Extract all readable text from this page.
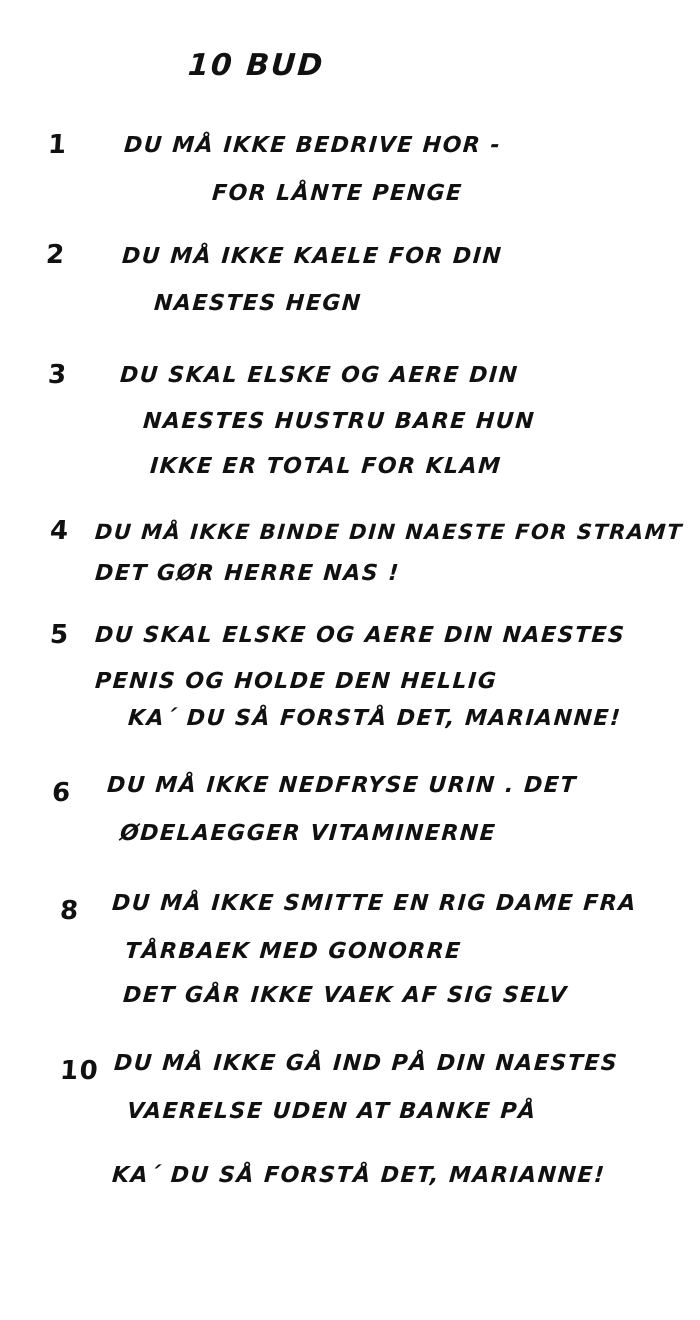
10 BUD
1 DU MÅ IKKE BEDRIVE HOR -
FOR LÅNTE PENGE
2 DU MÅ IKKE KAELE FOR DIN
NAESTES HEGN
3 DU SKAL ELSKE OG AERE DIN
NAESTES HUSTRU BARE HUN
IKKE ER TOTAL FOR KLAM
4 DU MÅ IKKE BINDE DIN NAESTE FOR STRAMT
DET GØR HERRE NAS !
5 DU SKAL ELSKE OG AERE DIN NAESTES
PENIS OG HOLDE DEN HELLIG
KA´ DU SÅ FORSTÅ DET, MARIANNE!
6 DU MÅ IKKE NEDFRYSE URIN . DET
ØDELAEGGER VITAMINERNE
8 DU MÅ IKKE SMITTE EN RIG DAME FRA
TÅRBAEK MED GONORRE
DET GÅR IKKE VAEK AF SIG SELV
10 DU MÅ IKKE GÅ IND PÅ DIN NAESTES
VAERELSE UDEN AT BANKE PÅ
KA´ DU SÅ FORSTÅ DET, MARIANNE!
